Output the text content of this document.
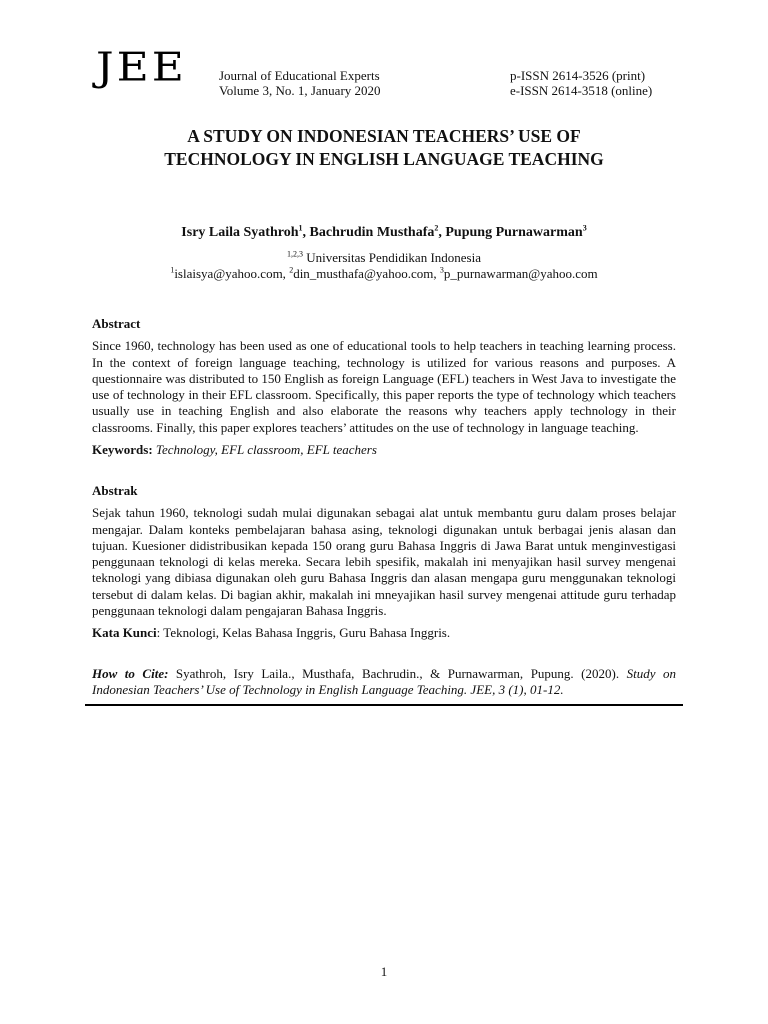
JEE Journal of Educational Experts
Volume 3, No. 1, January 2020
p-ISSN 2614-3526 (print)
e-ISSN 2614-3518 (online)
A STUDY ON INDONESIAN TEACHERS’ USE OF
TECHNOLOGY IN ENGLISH LANGUAGE TEACHING
Isry Laila Syathroh$^1$, Bachrudin Musthafa$^2$, Pupung Purnawarman$^3$
$^{1,2,3}$ Universitas Pendidikan Indonesia
$^1$islaisya@yahoo.com, $^2$din_musthafa@yahoo.com, $^3$p_purnawarman@yahoo.com
Abstract
Since 1960, technology has been used as one of educational tools to help teachers in teaching learning process. In the context of foreign language teaching, technology is utilized for various reasons and purposes. A questionnaire was distributed to 150 English as foreign Language (EFL) teachers in West Java to investigate the use of technology in their EFL classroom. Specifically, this paper reports the type of technology which teachers usually use in teaching English and also elaborate the reasons why teachers apply technology in their classrooms. Finally, this paper explores teachers’ attitudes on the use of technology in language teaching.
Keywords: Technology, EFL classroom, EFL teachers
Abstrak
Sejak tahun 1960, teknologi sudah mulai digunakan sebagai alat untuk membantu guru dalam proses belajar mengajar. Dalam konteks pembelajaran bahasa asing, teknologi digunakan untuk berbagai jenis alasan dan tujuan. Kuesioner didistribusikan kepada 150 orang guru Bahasa Inggris di Jawa Barat untuk menginvestigasi penggunaan teknologi di kelas mereka. Secara lebih spesifik, makalah ini menyajikan hasil survey mengenai teknologi yang dibiasa digunakan oleh guru Bahasa Inggris dan alasan mengapa guru menggunakan teknologi tersebut di dalam kelas. Di bagian akhir, makalah ini mneyajikan hasil survey mengenai attitude guru terhadap penggunaan teknologi dalam pengajaran Bahasa Inggris.
Kata Kunci: Teknologi, Kelas Bahasa Inggris, Guru Bahasa Inggris.
How to Cite: Syathroh, Isry Laila., Musthafa, Bachrudin., & Purnawarman, Pupung. (2020). Study on Indonesian Teachers’ Use of Technology in English Language Teaching. JEE, 3 (1), 01-12.
1
